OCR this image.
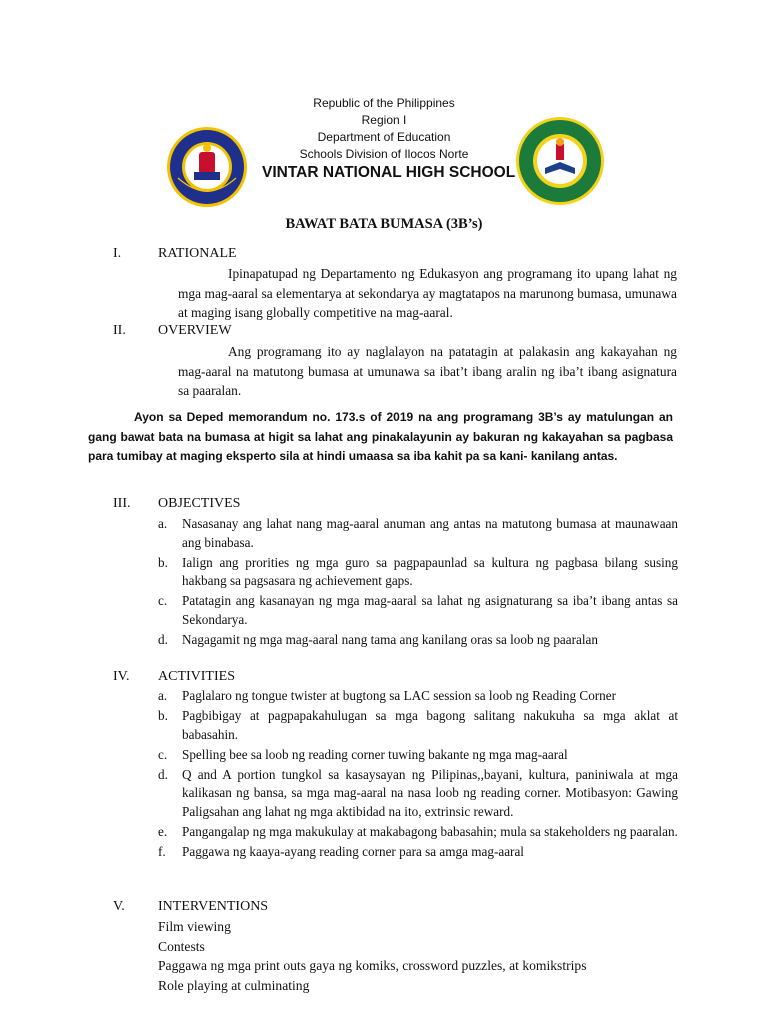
Republic of the Philippines
Region I
Department of Education
Schools Division of Ilocos Norte
VINTAR NATIONAL HIGH SCHOOL
BAWAT BATA BUMASA (3B’s)
I.	RATIONALE

Ipinapatupad ng Departamento ng Edukasyon ang programang ito upang lahat ng mga mag-aaral sa elementarya at sekondarya ay magtatapos na marunong bumasa, umunawa at maging isang globally competitive na mag-aaral.

II. OVERVIEW

Ang programang ito ay naglalayon na patatagin at palakasin ang kakayahan ng mag-aaral na matutong bumasa at umunawa sa ibat’t ibang aralin ng iba’t ibang asignatura sa paaralan.

Ayon sa Deped memorandum no. 173.s of 2019 na ang programang 3B’s ay matulungan an gang bawat bata na bumasa at higit sa lahat ang pinakalayunin ay bakuran ng kakayahan sa pagbasa para tumibay at maging eksperto sila at hindi umaasa sa iba kahit pa sa kani- kanilang antas.

III. OBJECTIVES
a.	Nasasanay ang lahat nang mag-aaral anuman ang antas na matutong bumasa at maunawaan ang binabasa.
b.	Ialign ang prorities ng mga guro sa pagpapaunlad sa kultura ng pagbasa bilang susing hakbang sa pagsasara ng achievement gaps.
c.	Patatagin ang kasanayan ng mga mag-aaral sa lahat ng asignaturang sa iba’t ibang antas sa Sekondarya.
d.	Nagagamit ng mga mag-aaral nang tama ang kanilang oras sa loob ng paaralan
IV. ACTIVITIES
a.	Paglalaro ng tongue twister at bugtong sa LAC session sa loob ng Reading Corner
b.	Pagbibigay at pagpapakahulugan sa mga bagong salitang nakukuha sa mga aklat at babasahin.
c.	Spelling bee sa loob ng reading corner tuwing bakante ng mga mag-aaral
d.	Q and A portion tungkol sa kasaysayan ng Pilipinas,,bayani, kultura, paniniwala at mga kalikasan ng bansa, sa mga mag-aaral na nasa loob ng reading corner. Motibasyon: Gawing Paligsahan ang lahat ng mga aktibidad na ito, extrinsic reward.
e.	Pangangalap ng mga makukulay at makabagong babasahin; mula sa stakeholders ng paaralan.
f.	Paggawa ng kaaya-ayang reading corner para sa amga mag-aaral
V. INTERVENTIONS
Film viewing
Contests
Paggawa ng mga print outs gaya ng komiks, crossword puzzles, at komikstrips
Role playing at culminating
